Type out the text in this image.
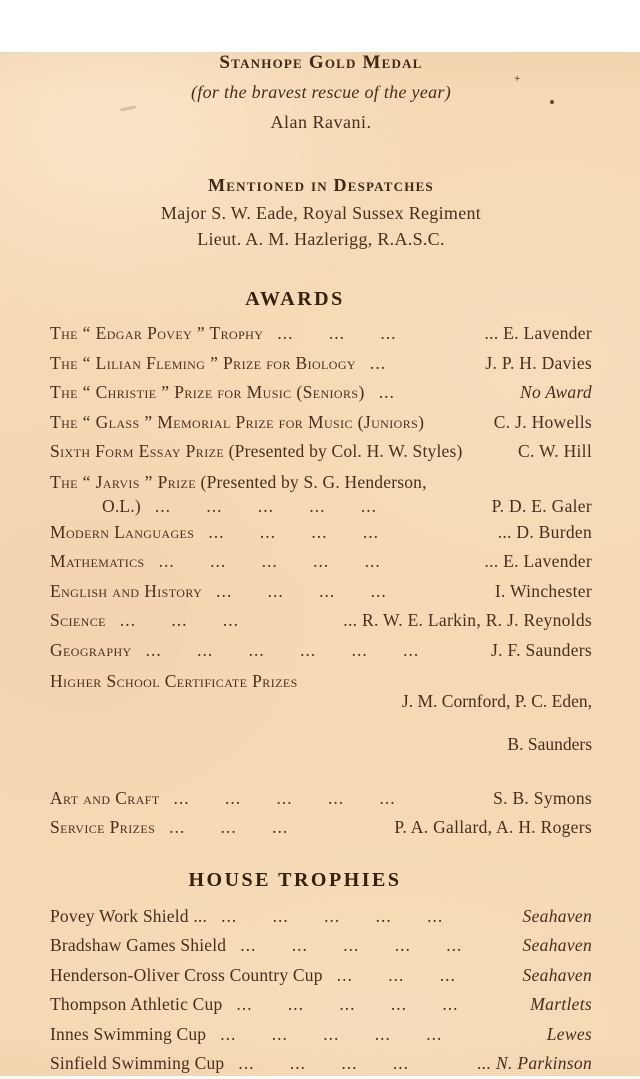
+
Stanhope Gold Medal
(for the bravest rescue of the year)
Alan Ravani.
Mentioned in Despatches
Major S. W. Eade, Royal Sussex Regiment
Lieut. A. M. Hazlerigg, R.A.S.C.
AWARDS
The “ Edgar Povey ” Trophy ... ... ...	... E. Lavender
The “ Lilian Fleming ” Prize for Biology ...	J. P. H. Davies
The “ Christie ” Prize for Music (Seniors) ...	No Award
The “ Glass ” Memorial Prize for Music (Juniors)	C. J. Howells
Sixth Form Essay Prize (Presented by Col. H. W. Styles)	C. W. Hill
The “ Jarvis ” Prize (Presented by S. G. Henderson,
O.L.) ... ... ... ... ...	P. D. E. Galer
Modern Languages ... ... ... ...	... D. Burden
Mathematics ... ... ... ... ...	... E. Lavender
English and History ... ... ... ...	I. Winchester
Science ... ... ...	... R. W. E. Larkin, R. J. Reynolds
Geography ... ... ... ... ... ...	J. F. Saunders
Higher School Certificate Prizes

J. M. Cornford, P. C. Eden,

B. Saunders

Art and Craft ... ... ... ... ...	S. B. Symons
Service Prizes ... ... ...	P. A. Gallard, A. H. Rogers
HOUSE TROPHIES
Povey Work Shield ... ... ... ... ... ...	Seahaven
Bradshaw Games Shield ... ... ... ... ...	Seahaven
Henderson-Oliver Cross Country Cup ... ... ...	Seahaven
Thompson Athletic Cup ... ... ... ... ...	Martlets
Innes Swimming Cup ... ... ... ... ...	Lewes
Sinfield Swimming Cup ... ... ... ...	... N. Parkinson
